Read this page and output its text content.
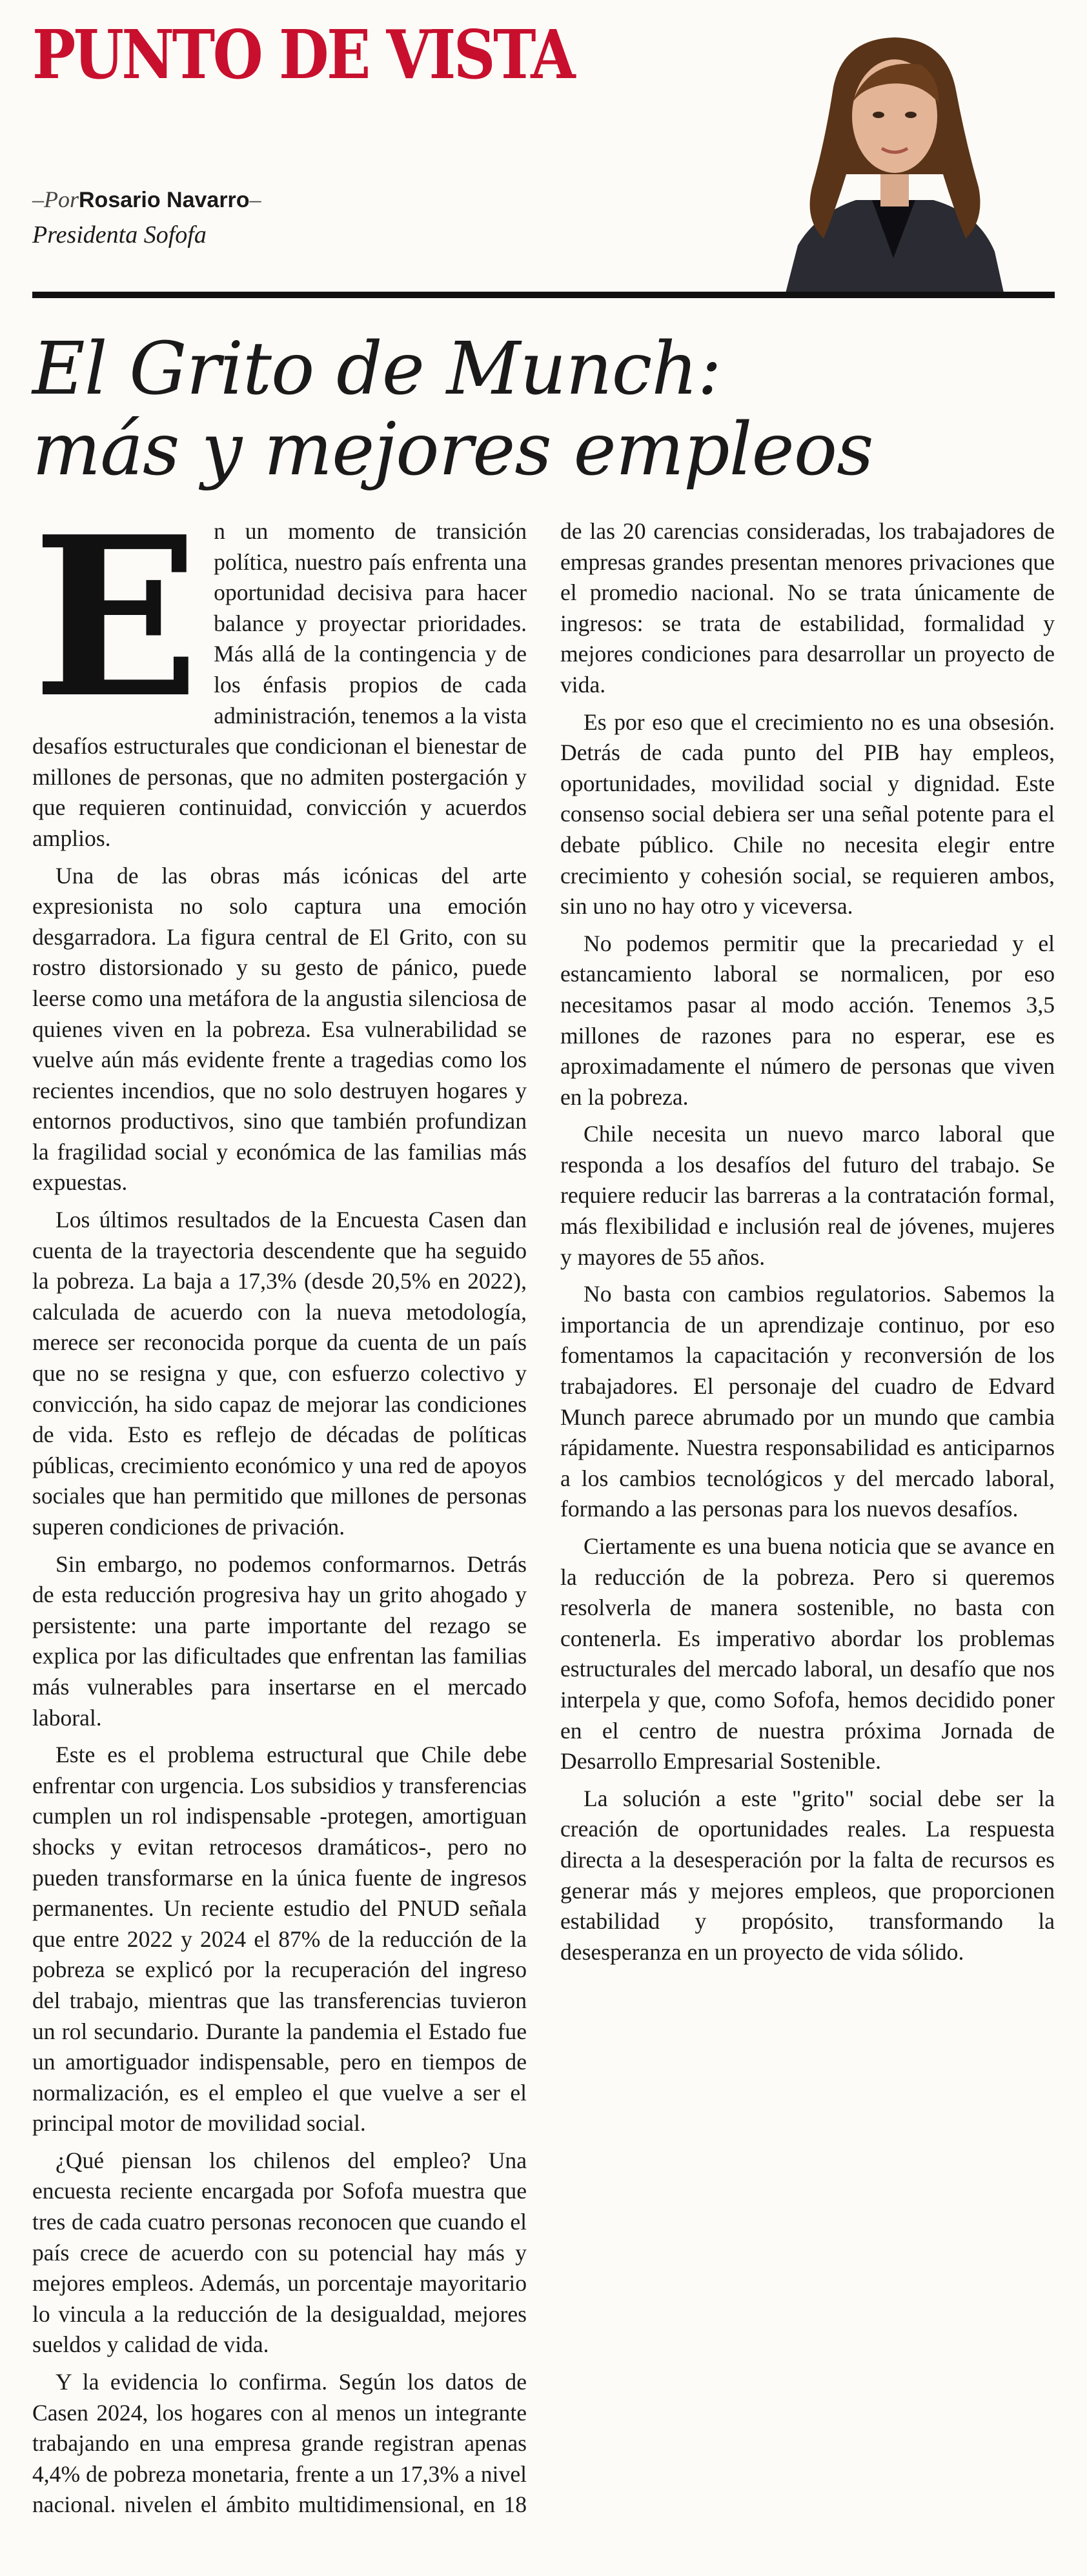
PUNTO DE VISTA
–PorRosario Navarro–
Presidenta Sofofa
El Grito de Munch:
más y mejores empleos

En un momento de transición política, nuestro país enfrenta una oportunidad decisiva para hacer balance y proyectar prioridades. Más allá de la contingencia y de los énfasis propios de cada administración, tenemos a la vista desafíos estructurales que condicionan el bienestar de millones de personas, que no admiten postergación y que requieren continuidad, convicción y acuerdos amplios.

Una de las obras más icónicas del arte expresionista no solo captura una emoción desgarradora. La figura central de El Grito, con su rostro distorsionado y su gesto de pánico, puede leerse como una metáfora de la angustia silenciosa de quienes viven en la pobreza. Esa vulnerabilidad se vuelve aún más evidente frente a tragedias como los recientes incendios, que no solo destruyen hogares y entornos productivos, sino que también profundizan la fragilidad social y económica de las familias más expuestas.

Los últimos resultados de la Encuesta Casen dan cuenta de la trayectoria descendente que ha seguido la pobreza. La baja a 17,3% (desde 20,5% en 2022), calculada de acuerdo con la nueva metodología, merece ser reconocida porque da cuenta de un país que no se resigna y que, con esfuerzo colectivo y convicción, ha sido capaz de mejorar las condiciones de vida. Esto es reflejo de décadas de políticas públicas, crecimiento económico y una red de apoyos sociales que han permitido que millones de personas superen condiciones de privación.

Sin embargo, no podemos conformarnos. Detrás de esta reducción progresiva hay un grito ahogado y persistente: una parte importante del rezago se explica por las dificultades que enfrentan las familias más vulnerables para insertarse en el mercado laboral.

Este es el problema estructural que Chile debe enfrentar con urgencia. Los subsidios y transferencias cumplen un rol indispensable -protegen, amortiguan shocks y evitan retrocesos dramáticos-, pero no pueden transformarse en la única fuente de ingresos permanentes. Un reciente estudio del PNUD señala que entre 2022 y 2024 el 87% de la reducción de la pobreza se explicó por la recuperación del ingreso del trabajo, mientras que las transferencias tuvieron un rol secundario. Durante la pandemia el Estado fue un amortiguador indispensable, pero en tiempos de normalización, es el empleo el que vuelve a ser el principal motor de movilidad social.

¿Qué piensan los chilenos del empleo? Una encuesta reciente encargada por Sofofa muestra que tres de cada cuatro personas reconocen que cuando el país crece de acuerdo con su potencial hay más y mejores empleos. Además, un porcentaje mayoritario lo vincula a la reducción de la desigualdad, mejores sueldos y calidad de vida.

Y la evidencia lo confirma. Según los datos de Casen 2024, los hogares con al menos un integrante trabajando en una empresa grande registran apenas 4,4% de pobreza monetaria, frente a un 17,3% a nivel nacional. nivelen el ámbito multidimensional, en 18 de las 20 carencias consideradas, los trabajadores de empresas grandes presentan menores privaciones que el promedio nacional. No se trata únicamente de ingresos: se trata de estabilidad, formalidad y mejores condiciones para desarrollar un proyecto de vida.

Es por eso que el crecimiento no es una obsesión. Detrás de cada punto del PIB hay empleos, oportunidades, movilidad social y dignidad. Este consenso social debiera ser una señal potente para el debate público. Chile no necesita elegir entre crecimiento y cohesión social, se requieren ambos, sin uno no hay otro y viceversa.

No podemos permitir que la precariedad y el estancamiento laboral se normalicen, por eso necesitamos pasar al modo acción. Tenemos 3,5 millones de razones para no esperar, ese es aproximadamente el número de personas que viven en la pobreza.

Chile necesita un nuevo marco laboral que responda a los desafíos del futuro del trabajo. Se requiere reducir las barreras a la contratación formal, más flexibilidad e inclusión real de jóvenes, mujeres y mayores de 55 años.

No basta con cambios regulatorios. Sabemos la importancia de un aprendizaje continuo, por eso fomentamos la capacitación y reconversión de los trabajadores. El personaje del cuadro de Edvard Munch parece abrumado por un mundo que cambia rápidamente. Nuestra responsabilidad es anticiparnos a los cambios tecnológicos y del mercado laboral, formando a las personas para los nuevos desafíos.

Ciertamente es una buena noticia que se avance en la reducción de la pobreza. Pero si queremos resolverla de manera sostenible, no basta con contenerla. Es imperativo abordar los problemas estructurales del mercado laboral, un desafío que nos interpela y que, como Sofofa, hemos decidido poner en el centro de nuestra próxima Jornada de Desarrollo Empresarial Sostenible.

La solución a este "grito" social debe ser la creación de oportunidades reales. La respuesta directa a la desesperación por la falta de recursos es generar más y mejores empleos, que proporcionen estabilidad y propósito, transformando la desesperanza en un proyecto de vida sólido.
